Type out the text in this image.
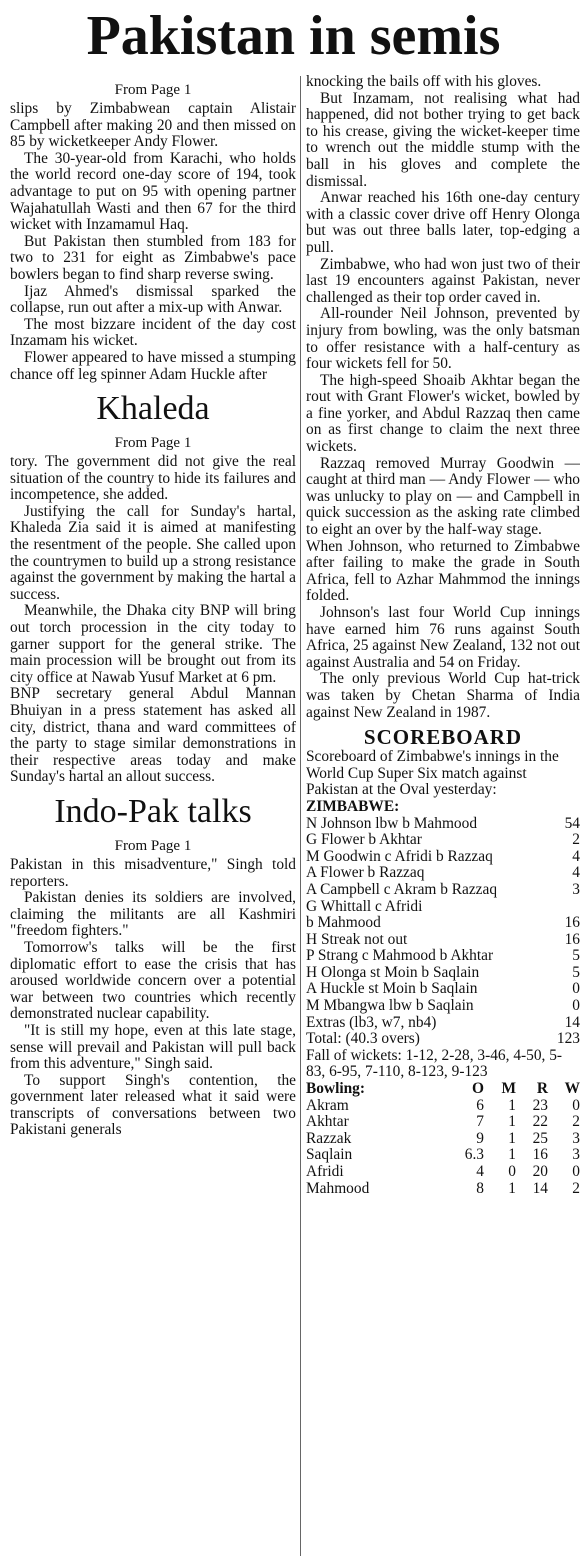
Pakistan in semis
From Page 1

slips by Zimbabwean captain Alistair Campbell after making 20 and then missed on 85 by wicketkeeper Andy Flower.

The 30-year-old from Karachi, who holds the world record one-day score of 194, took advantage to put on 95 with opening partner Wajahatullah Wasti and then 67 for the third wicket with Inzamamul Haq.

But Pakistan then stumbled from 183 for two to 231 for eight as Zimbabwe's pace bowlers began to find sharp reverse swing.

Ijaz Ahmed's dismissal sparked the collapse, run out after a mix-up with Anwar.

The most bizzare incident of the day cost Inzamam his wicket.

Flower appeared to have missed a stumping chance off leg spinner Adam Huckle after

Khaleda
From Page 1

tory. The government did not give the real situation of the country to hide its failures and incompetence, she added.

Justifying the call for Sunday's hartal, Khaleda Zia said it is aimed at manifesting the resentment of the people. She called upon the countrymen to build up a strong resistance against the government by making the hartal a success.

Meanwhile, the Dhaka city BNP will bring out torch procession in the city today to garner support for the general strike. The main procession will be brought out from its city office at Nawab Yusuf Market at 6 pm.

BNP secretary general Abdul Mannan Bhuiyan in a press statement has asked all city, district, thana and ward committees of the party to stage similar demonstrations in their respective areas today and make Sunday's hartal an allout success.

Indo-Pak talks
From Page 1

Pakistan in this misadventure," Singh told reporters.

Pakistan denies its soldiers are involved, claiming the militants are all Kashmiri "freedom fighters."

Tomorrow's talks will be the first diplomatic effort to ease the crisis that has aroused worldwide concern over a potential war between two countries which recently demonstrated nuclear capability.

"It is still my hope, even at this late stage, sense will prevail and Pakistan will pull back from this adventure," Singh said.

To support Singh's contention, the government later released what it said were transcripts of conversations between two Pakistani generals

knocking the bails off with his gloves.

But Inzamam, not realising what had happened, did not bother trying to get back to his crease, giving the wicket-keeper time to wrench out the middle stump with the ball in his gloves and complete the dismissal.

Anwar reached his 16th one-day century with a classic cover drive off Henry Olonga but was out three balls later, top-edging a pull.

Zimbabwe, who had won just two of their last 19 encounters against Pakistan, never challenged as their top order caved in.

All-rounder Neil Johnson, prevented by injury from bowling, was the only batsman to offer resistance with a half-century as four wickets fell for 50.

The high-speed Shoaib Akhtar began the rout with Grant Flower's wicket, bowled by a fine yorker, and Abdul Razzaq then came on as first change to claim the next three wickets.

Razzaq removed Murray Goodwin — caught at third man — Andy Flower — who was unlucky to play on — and Campbell in quick succession as the asking rate climbed to eight an over by the half-way stage.

When Johnson, who returned to Zimbabwe after failing to make the grade in South Africa, fell to Azhar Mahmmod the innings folded.

Johnson's last four World Cup innings have earned him 76 runs against South Africa, 25 against New Zealand, 132 not out against Australia and 54 on Friday.

The only previous World Cup hat-trick was taken by Chetan Sharma of India against New Zealand in 1987.

SCOREBOARD
Scoreboard of Zimbabwe's innings in the World Cup Super Six match against Pakistan at the Oval yesterday:
ZIMBABWE:
N Johnson lbw b Mahmood	54
G Flower b Akhtar	2
M Goodwin c Afridi b Razzaq	4
A Flower b Razzaq	4
A Campbell c Akram b Razzaq	3
G Whittall c Afridi
b Mahmood	16
H Streak not out	16
P Strang c Mahmood b Akhtar	5
H Olonga st Moin b Saqlain	5
A Huckle st Moin b Saqlain	0
M Mbangwa lbw b Saqlain	0
Extras (lb3, w7, nb4)	14
Total: (40.3 overs)	123
Fall of wickets: 1-12, 2-28, 3-46, 4-50, 5-83, 6-95, 7-110, 8-123, 9-123
Bowling:	O	M	R	W
Akram	6	1	23	0
Akhtar	7	1	22	2
Razzak	9	1	25	3
Saqlain	6.3	1	16	3
Afridi	4	0	20	0
Mahmood	8	1	14	2
